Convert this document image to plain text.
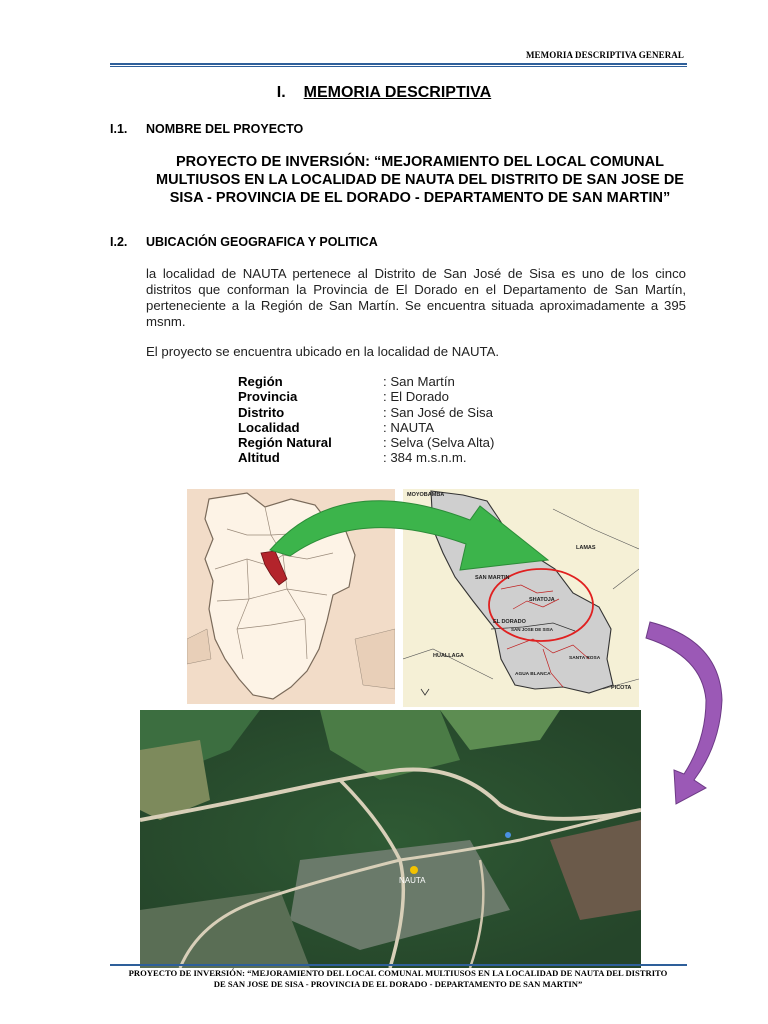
MEMORIA DESCRIPTIVA GENERAL
I. MEMORIA DESCRIPTIVA
I.1. NOMBRE DEL PROYECTO
PROYECTO DE INVERSIÓN: “MEJORAMIENTO DEL LOCAL COMUNAL MULTIUSOS EN LA LOCALIDAD DE NAUTA DEL DISTRITO DE SAN JOSE DE SISA - PROVINCIA DE EL DORADO - DEPARTAMENTO DE SAN MARTIN”
I.2. UBICACIÓN GEOGRAFICA Y POLITICA

la localidad de NAUTA pertenece al Distrito de San José de Sisa es uno de los cinco distritos que conforman la Provincia de El Dorado en el Departamento de San Martín, perteneciente a la Región de San Martín. Se encuentra situada aproximadamente a 395 msnm.

El proyecto se encuentra ubicado en la localidad de NAUTA.

Región	: San Martín
Provincia	: El Dorado
Distrito	: San José de Sisa
Localidad	: NAUTA
Región Natural	: Selva (Selva Alta)
Altitud	: 384 m.s.n.m.
MOYOBAMBA
LAMAS
SAN MARTIN
SHATOJA
EL DORADO
SAN JOSE DE SISA
HUALLAGA	SANTA ROSA
AGUA BLANCA
PICOTA
NAUTA
PROYECTO DE INVERSIÓN: “MEJORAMIENTO DEL LOCAL COMUNAL MULTIUSOS EN LA LOCALIDAD DE NAUTA DEL DISTRITO
DE SAN JOSE DE SISA - PROVINCIA DE EL DORADO - DEPARTAMENTO DE SAN MARTIN”
